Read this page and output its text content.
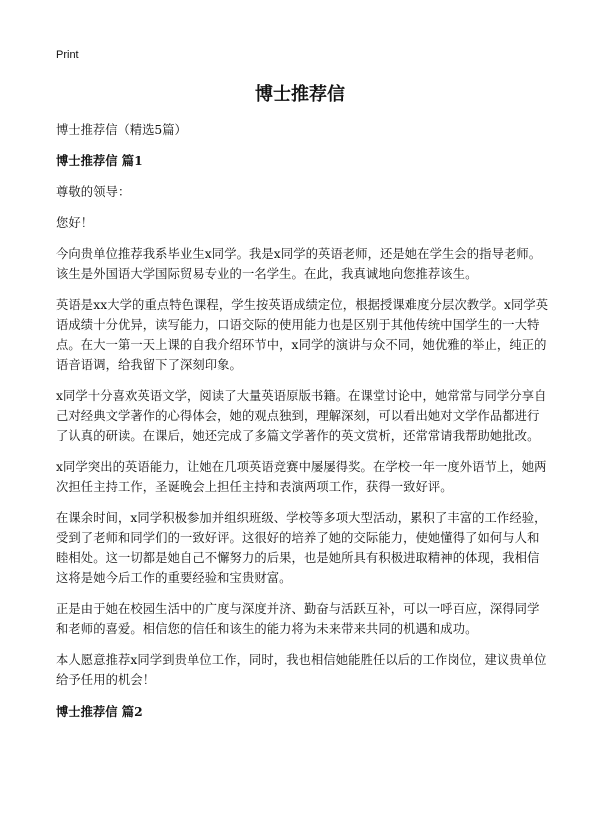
Print
博士推荐信

博士推荐信（精选5篇）

博士推荐信 篇1

尊敬的领导：

您好！

今向贵单位推荐我系毕业生x同学。我是x同学的英语老师，还是她在学生会的指导老师。该生是外国语大学国际贸易专业的一名学生。在此，我真诚地向您推荐该生。

英语是xx大学的重点特色课程，学生按英语成绩定位，根据授课难度分层次教学。x同学英语成绩十分优异，读写能力，口语交际的使用能力也是区别于其他传统中国学生的一大特点。在大一第一天上课的自我介绍环节中，x同学的演讲与众不同，她优雅的举止，纯正的语音语调，给我留下了深刻印象。

x同学十分喜欢英语文学，阅读了大量英语原版书籍。在课堂讨论中，她常常与同学分享自己对经典文学著作的心得体会，她的观点独到，理解深刻，可以看出她对文学作品都进行了认真的研读。在课后，她还完成了多篇文学著作的英文赏析，还常常请我帮助她批改。

x同学突出的英语能力，让她在几项英语竞赛中屡屡得奖。在学校一年一度外语节上，她两次担任主持工作，圣诞晚会上担任主持和表演两项工作，获得一致好评。

在课余时间，x同学积极参加并组织班级、学校等多项大型活动，累积了丰富的工作经验，受到了老师和同学们的一致好评。这很好的培养了她的交际能力，使她懂得了如何与人和睦相处。这一切都是她自己不懈努力的后果，也是她所具有积极进取精神的体现，我相信这将是她今后工作的重要经验和宝贵财富。

正是由于她在校园生活中的广度与深度并济、勤奋与活跃互补，可以一呼百应，深得同学和老师的喜爱。相信您的信任和该生的能力将为未来带来共同的机遇和成功。

本人愿意推荐x同学到贵单位工作，同时，我也相信她能胜任以后的工作岗位，建议贵单位给予任用的机会！

博士推荐信 篇2
